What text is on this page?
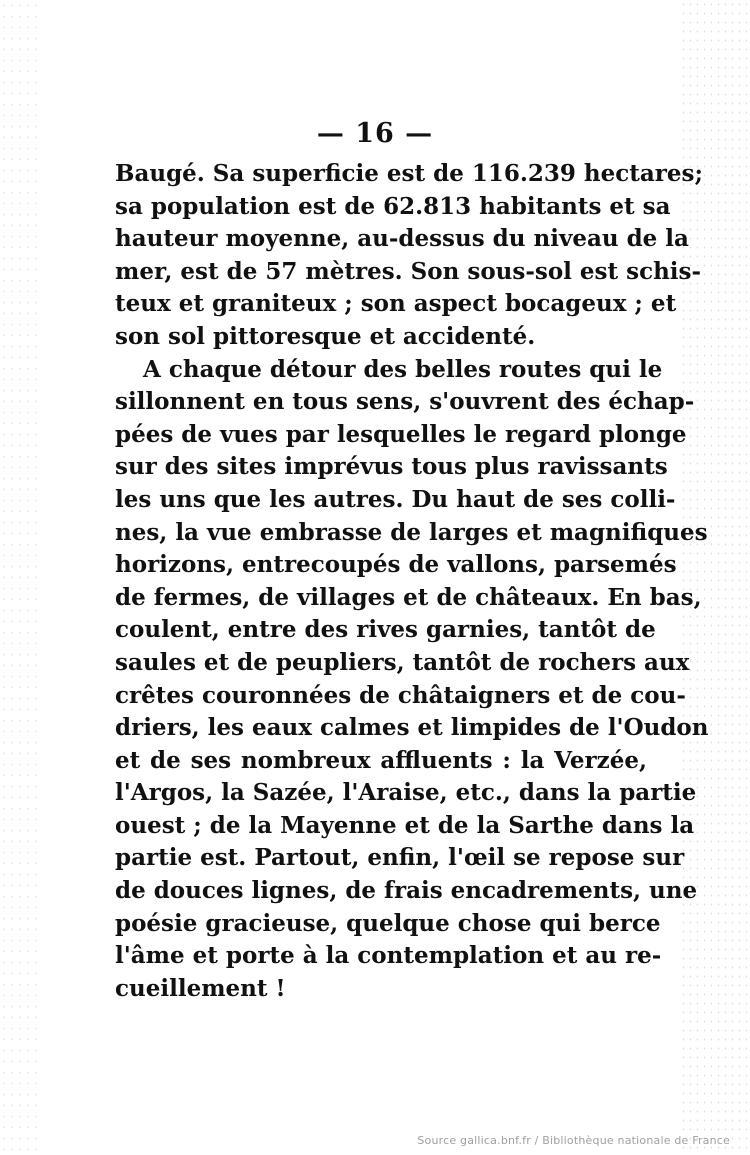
— 16 —
Baugé. Sa superficie est de 116.239 hectares;
sa population est de 62.813 habitants et sa
hauteur moyenne, au-dessus du niveau de la
mer, est de 57 mètres. Son sous-sol est schis-
teux et graniteux ; son aspect bocageux ; et
son sol pittoresque et accidenté.
A chaque détour des belles routes qui le
sillonnent en tous sens, s'ouvrent des échap-
pées de vues par lesquelles le regard plonge
sur des sites imprévus tous plus ravissants
les uns que les autres. Du haut de ses colli-
nes, la vue embrasse de larges et magnifiques
horizons, entrecoupés de vallons, parsemés
de fermes, de villages et de châteaux. En bas,
coulent, entre des rives garnies, tantôt de
saules et de peupliers, tantôt de rochers aux
crêtes couronnées de châtaigners et de cou-
driers, les eaux calmes et limpides de l'Oudon
et de ses nombreux affluents : la Verzée,
l'Argos, la Sazée, l'Araise, etc., dans la partie
ouest ; de la Mayenne et de la Sarthe dans la
partie est. Partout, enfin, l'œil se repose sur
de douces lignes, de frais encadrements, une
poésie gracieuse, quelque chose qui berce
l'âme et porte à la contemplation et au re-
cueillement !
Source gallica.bnf.fr / Bibliothèque nationale de France
